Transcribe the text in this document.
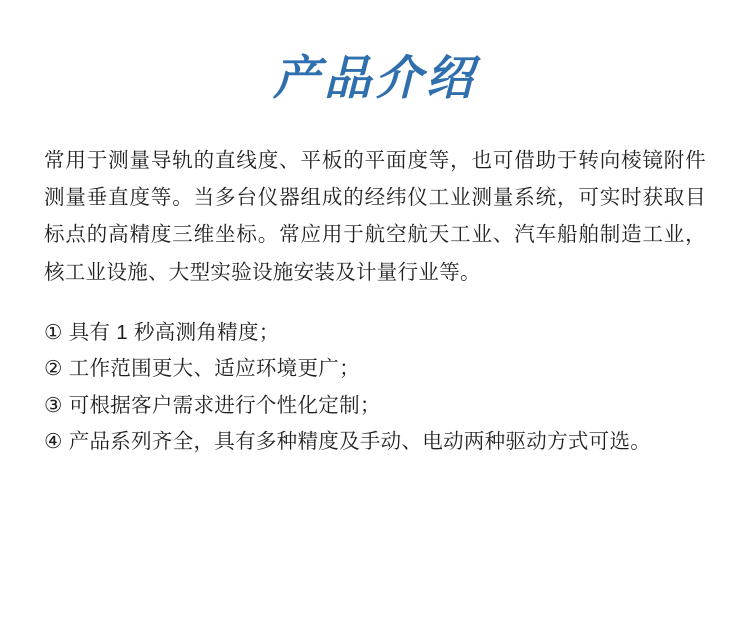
产品介绍

常用于测量导轨的直线度、平板的平面度等，也可借助于转向棱镜附件测量垂直度等。当多台仪器组成的经纬仪工业测量系统，可实时获取目标点的高精度三维坐标。常应用于航空航天工业、汽车船舶制造工业，核工业设施、大型实验设施安装及计量行业等。

① 具有 1 秒高测角精度；
② 工作范围更大、适应环境更广；
③ 可根据客户需求进行个性化定制；
④ 产品系列齐全，具有多种精度及手动、电动两种驱动方式可选。
